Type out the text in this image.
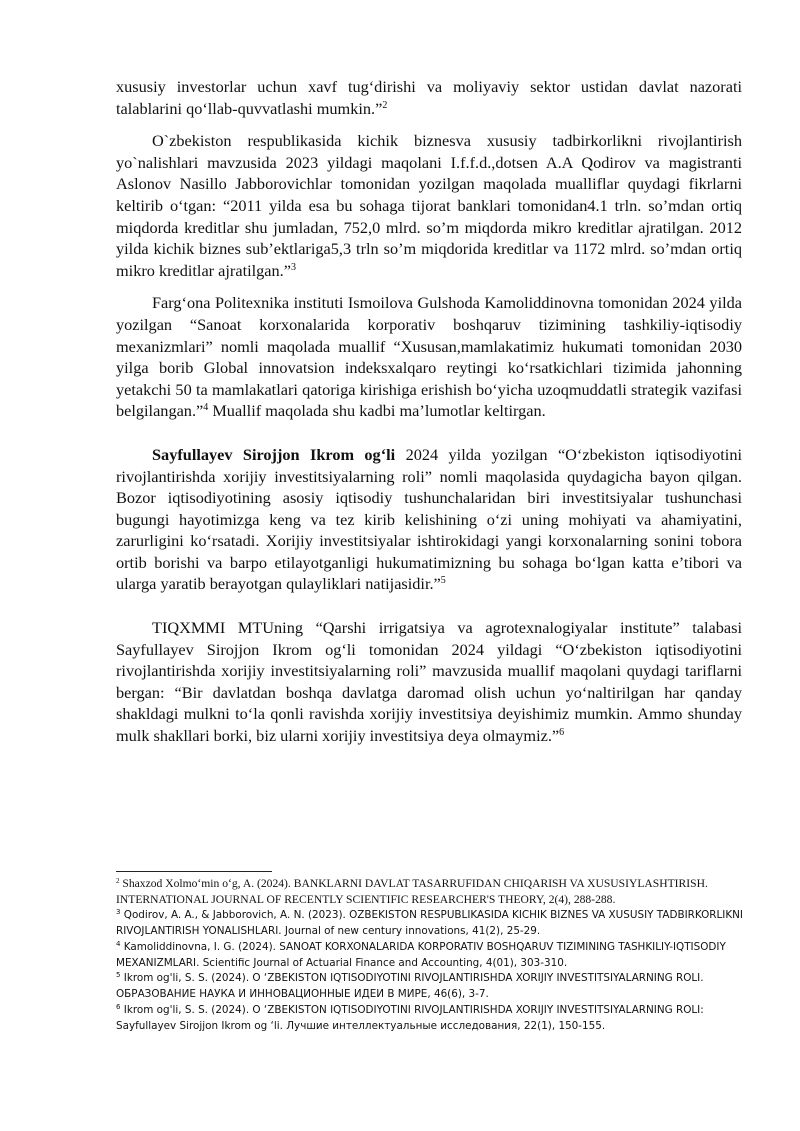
xususiy investorlar uchun xavf tug‘dirishi va moliyaviy sektor ustidan davlat nazorati talablarini qo‘llab-quvvatlashi mumkin.”$^2$

O`zbekiston respublikasida kichik biznesva xususiy tadbirkorlikni rivojlantirish yo`nalishlari mavzusida 2023 yildagi maqolani I.f.f.d.,dotsen A.A Qodirov va magistranti Aslonov Nasillo Jabborovichlar tomonidan yozilgan maqolada mualliflar quydagi fikrlarni keltirib o‘tgan: “2011 yilda esa bu sohaga tijorat banklari tomonidan4.1 trln. so’mdan ortiq miqdorda kreditlar shu jumladan, 752,0 mlrd. so’m miqdorda mikro kreditlar ajratilgan. 2012 yilda kichik biznes sub’ektlariga5,3 trln so’m miqdorida kreditlar va 1172 mlrd. so’mdan ortiq mikro kreditlar ajratilgan.”$^3$

Farg‘ona Politexnika instituti Ismoilova Gulshoda Kamoliddinovna tomonidan 2024 yilda yozilgan “Sanoat korxonalarida korporativ boshqaruv tizimining tashkiliy-iqtisodiy mexanizmlari” nomli maqolada muallif “Xususan,mamlakatimiz hukumati tomonidan 2030 yilga borib Global innovatsion indeksxalqaro reytingi ko‘rsatkichlari tizimida jahonning yetakchi 50 ta mamlakatlari qatoriga kirishiga erishish bo‘yicha uzoqmuddatli strategik vazifasi belgilangan.”$^4$ Muallif maqolada shu kadbi ma’lumotlar keltirgan.

Sayfullayev Sirojjon Ikrom og‘li 2024 yilda yozilgan “O‘zbekiston iqtisodiyotini rivojlantirishda xorijiy investitsiyalarning roli” nomli maqolasida quydagicha bayon qilgan. Bozor iqtisodiyotining asosiy iqtisodiy tushunchalaridan biri investitsiyalar tushunchasi bugungi hayotimizga keng va tez kirib kelishining o‘zi uning mohiyati va ahamiyatini, zarurligini ko‘rsatadi. Xorijiy investitsiyalar ishtirokidagi yangi korxonalarning sonini tobora ortib borishi va barpo etilayotganligi hukumatimizning bu sohaga bo‘lgan katta e’tibori va ularga yaratib berayotgan qulayliklari natijasidir.”$^5$

TIQXMMI MTUning “Qarshi irrigatsiya va agrotexnalogiyalar institute” talabasi Sayfullayev Sirojjon Ikrom og‘li tomonidan 2024 yildagi “O‘zbekiston iqtisodiyotini rivojlantirishda xorijiy investitsiyalarning roli” mavzusida muallif maqolani quydagi tariflarni bergan: “Bir davlatdan boshqa davlatga daromad olish uchun yo‘naltirilgan har qanday shakldagi mulkni to‘la qonli ravishda xorijiy investitsiya deyishimiz mumkin. Ammo shunday mulk shakllari borki, biz ularni xorijiy investitsiya deya olmaymiz.”$^6$

$^2$ Shaxzod Xolmo‘min o‘g, A. (2024). BANKLARNI DAVLAT TASARRUFIDAN CHIQARISH VA XUSUSIYLASHTIRISH. INTERNATIONAL JOURNAL OF RECENTLY SCIENTIFIC RESEARCHER'S THEORY, 2(4), 288-288.

$^3$ Qodirov, A. A., & Jabborovich, A. N. (2023). OZBEKISTON RESPUBLIKASIDA KICHIK BIZNES VA XUSUSIY TADBIRKORLIKNI RIVOJLANTIRISH YONALISHLARI. Journal of new century innovations, 41(2), 25-29.

$^4$ Kamoliddinovna, I. G. (2024). SANOAT KORXONALARIDA KORPORATIV BOSHQARUV TIZIMINING TASHKILIY-IQTISODIY MEXANIZMLARI. Scientific Journal of Actuarial Finance and Accounting, 4(01), 303-310.

$^5$ Ikrom og'li, S. S. (2024). O ‘ZBEKISTON IQTISODIYOTINI RIVOJLANTIRISHDA XORIJIY INVESTITSIYALARNING ROLI. ОБРАЗОВАНИЕ НАУКА И ИННОВАЦИОННЫЕ ИДЕИ В МИРЕ, 46(6), 3-7.

$^6$ Ikrom og'li, S. S. (2024). O ‘ZBEKISTON IQTISODIYOTINI RIVOJLANTIRISHDA XORIJIY INVESTITSIYALARNING ROLI: Sayfullayev Sirojjon Ikrom og ‘li. Лучшие интеллектуальные исследования, 22(1), 150-155.
